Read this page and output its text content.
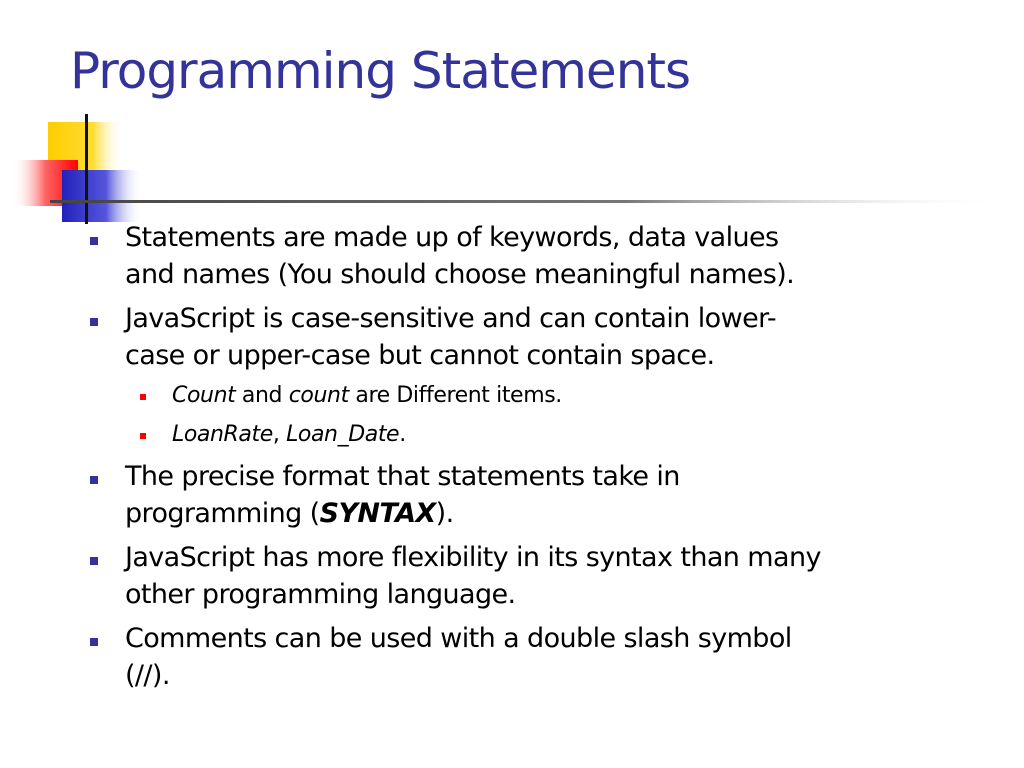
Programming Statements
Statements are made up of keywords, data values
and names (You should choose meaningful names).
JavaScript is case-sensitive and can contain lower-
case or upper-case but cannot contain space.
Count and count are Different items.
LoanRate, Loan_Date.
The precise format that statements take in
programming (SYNTAX).
JavaScript has more flexibility in its syntax than many
other programming language.
Comments can be used with a double slash symbol
(//).
